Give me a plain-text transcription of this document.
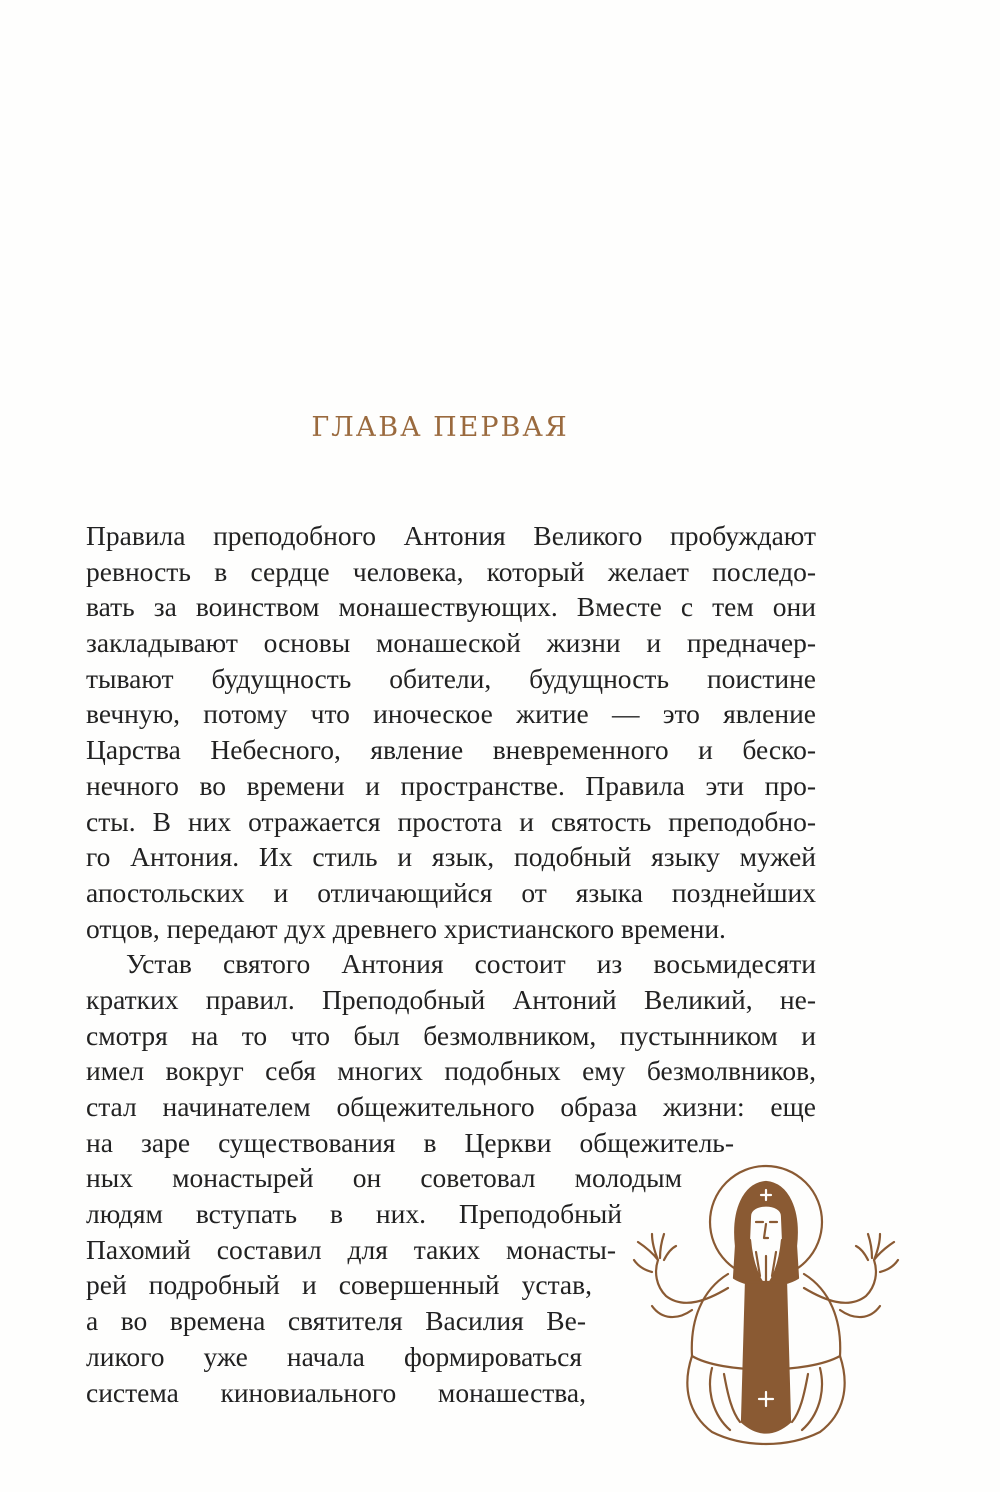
ГЛАВА ПЕРВАЯ
Правила преподобного Антония Великого пробуждают
ревность в сердце человека, который желает последо-
вать за воинством монашествующих. Вместе с тем они
закладывают основы монашеской жизни и предначер-
тывают будущность обители, будущность поистине
вечную, потому что иноческое житие — это явление
Царства Небесного, явление вневременного и беско-
нечного во времени и пространстве. Правила эти про-
сты. В них отражается простота и святость преподобно-
го Антония. Их стиль и язык, подобный языку мужей
апостольских и отличающийся от языка позднейших
отцов, передают дух древнего христианского времени.
Устав святого Антония состоит из восьмидесяти
кратких правил. Преподобный Антоний Великий, не-
смотря на то что был безмолвником, пустынником и
имел вокруг себя многих подобных ему безмолвников,
стал начинателем общежительного образа жизни: еще
на заре существования в Церкви общежитель-
ных монастырей он советовал молодым
людям вступать в них. Преподобный
Пахомий составил для таких монасты-
рей подробный и совершенный устав,
а во времена святителя Василия Ве-
ликого уже начала формироваться
система киновиального монашества,
